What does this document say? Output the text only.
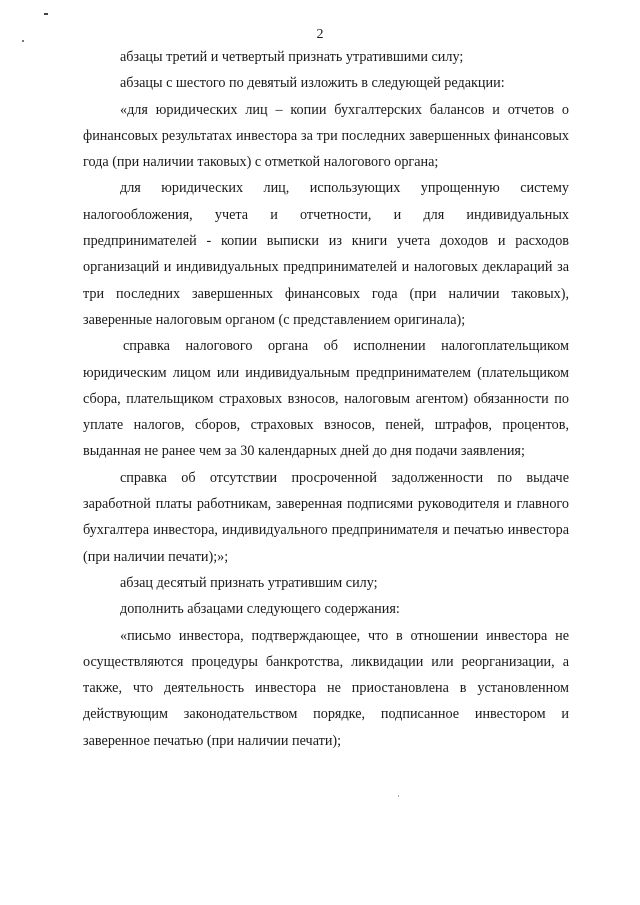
2

абзацы третий и четвертый признать утратившими силу;

абзацы с шестого по девятый изложить в следующей редакции:

«для юридических лиц – копии бухгалтерских балансов и отчетов о финансовых результатах инвестора за три последних завершенных финансовых года (при наличии таковых) с отметкой налогового органа;

для юридических лиц, использующих упрощенную систему налогообложения, учета и отчетности, и для индивидуальных предпринимателей - копии выписки из книги учета доходов и расходов организаций и индивидуальных предпринимателей и налоговых деклараций за три последних завершенных финансовых года (при наличии таковых), заверенные налоговым органом (с представлением оригинала);

справка налогового органа об исполнении налогоплательщиком юридическим лицом или индивидуальным предпринимателем (плательщиком сбора, плательщиком страховых взносов, налоговым агентом) обязанности по уплате налогов, сборов, страховых взносов, пеней, штрафов, процентов, выданная не ранее чем за 30 календарных дней до дня подачи заявления;

справка об отсутствии просроченной задолженности по выдаче заработной платы работникам, заверенная подписями руководителя и главного бухгалтера инвестора, индивидуального предпринимателя и печатью инвестора (при наличии печати);»;

абзац десятый признать утратившим силу;

дополнить абзацами следующего содержания:

«письмо инвестора, подтверждающее, что в отношении инвестора не осуществляются процедуры банкротства, ликвидации или реорганизации, а также, что деятельность инвестора не приостановлена в установленном действующим законодательством порядке, подписанное инвестором и заверенное печатью (при наличии печати);
